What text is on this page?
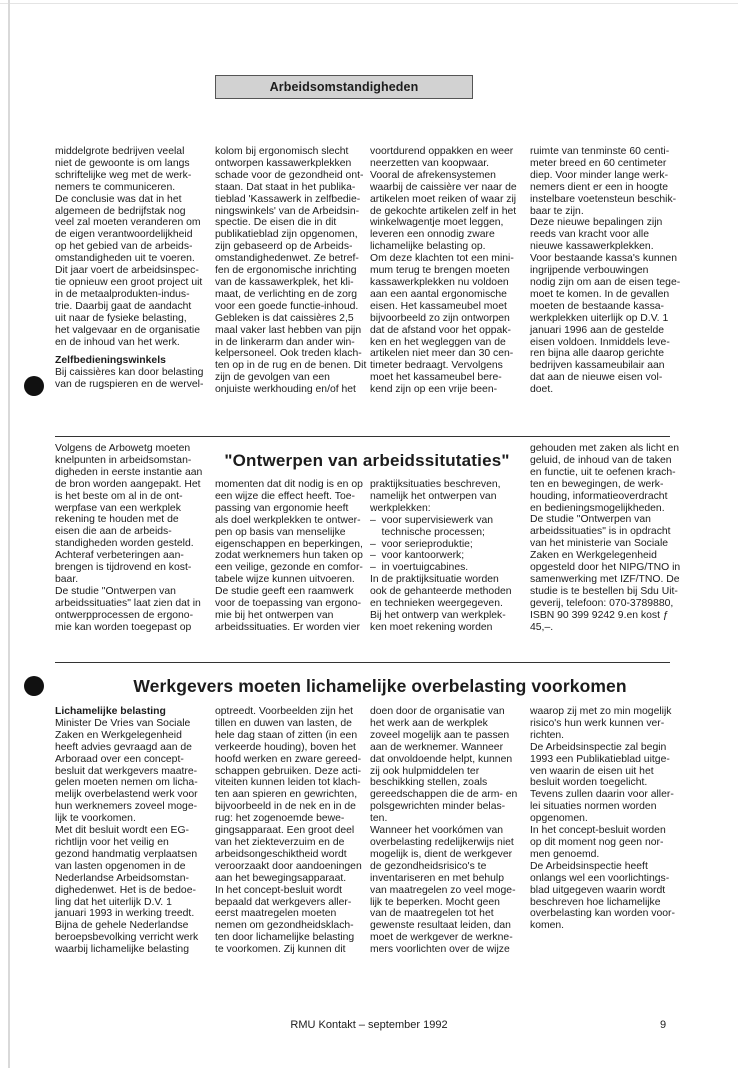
Arbeidsomstandigheden

middelgrote bedrijven veelal

niet de gewoonte is om langs

schriftelijke weg met de werk-

nemers te communiceren.

De conclusie was dat in het

algemeen de bedrijfstak nog

veel zal moeten veranderen om

de eigen verantwoordelijkheid

op het gebied van de arbeids-

omstandigheden uit te voeren.

Dit jaar voert de arbeidsinspec-

tie opnieuw een groot project uit

in de metaalprodukten-indus-

trie. Daarbij gaat de aandacht

uit naar de fysieke belasting,

het valgevaar en de organisatie

en de inhoud van het werk.

Zelfbedieningswinkels

Bij caissières kan door belasting

van de rugspieren en de wervel-

kolom bij ergonomisch slecht

ontworpen kassawerkplekken

schade voor de gezondheid ont-

staan. Dat staat in het publika-

tieblad 'Kassawerk in zelfbedie-

ningswinkels' van de Arbeidsin-

spectie. De eisen die in dit

publikatieblad zijn opgenomen,

zijn gebaseerd op de Arbeids-

omstandighedenwet. Ze betref-

fen de ergonomische inrichting

van de kassawerkplek, het kli-

maat, de verlichting en de zorg

voor een goede functie-inhoud.

Gebleken is dat caissières 2,5

maal vaker last hebben van pijn

in de linkerarm dan ander win-

kelpersoneel. Ook treden klach-

ten op in de rug en de benen. Dit

zijn de gevolgen van een

onjuiste werkhouding en/of het

voortdurend oppakken en weer

neerzetten van koopwaar.

Vooral de afrekensystemen

waarbij de caissière ver naar de

artikelen moet reiken of waar zij

de gekochte artikelen zelf in het

winkelwagentje moet leggen,

leveren een onnodig zware

lichamelijke belasting op.

Om deze klachten tot een mini-

mum terug te brengen moeten

kassawerkplekken nu voldoen

aan een aantal ergonomische

eisen. Het kassameubel moet

bijvoorbeeld zo zijn ontworpen

dat de afstand voor het oppak-

ken en het wegleggen van de

artikelen niet meer dan 30 cen-

timeter bedraagt. Vervolgens

moet het kassameubel bere-

kend zijn op een vrije been-

ruimte van tenminste 60 centi-

meter breed en 60 centimeter

diep. Voor minder lange werk-

nemers dient er een in hoogte

instelbare voetensteun beschik-

baar te zijn.

Deze nieuwe bepalingen zijn

reeds van kracht voor alle

nieuwe kassawerkplekken.

Voor bestaande kassa's kunnen

ingrijpende verbouwingen

nodig zijn om aan de eisen tege-

moet te komen. In de gevallen

moeten de bestaande kassa-

werkplekken uiterlijk op D.V. 1

januari 1996 aan de gestelde

eisen voldoen. Inmiddels leve-

ren bijna alle daarop gerichte

bedrijven kassameubilair aan

dat aan de nieuwe eisen vol-

doet.

"Ontwerpen van arbeidssitutaties"

Volgens de Arbowetg moeten

knelpunten in arbeidsomstan-

digheden in eerste instantie aan

de bron worden aangepakt. Het

is het beste om al in de ont-

werpfase van een werkplek

rekening te houden met de

eisen die aan de arbeids-

standigheden worden gesteld.

Achteraf verbeteringen aan-

brengen is tijdrovend en kost-

baar.

De studie "Ontwerpen van

arbeidssituaties" laat zien dat in

ontwerpprocessen de ergono-

mie kan worden toegepast op

momenten dat dit nodig is en op

een wijze die effect heeft. Toe-

passing van ergonomie heeft

als doel werkplekken te ontwer-

pen op basis van menselijke

eigenschappen en beperkingen,

zodat werknemers hun taken op

een veilige, gezonde en comfor-

tabele wijze kunnen uitvoeren.

De studie geeft een raamwerk

voor de toepassing van ergono-

mie bij het ontwerpen van

arbeidssituaties. Er worden vier

praktijksituaties beschreven,

namelijk het ontwerpen van

werkplekken:

–  voor supervisiewerk van

technische processen;

–  voor serieproduktie;

–  voor kantoorwerk;

–  in voertuigcabines.

In de praktijksituatie worden

ook de gehanteerde methoden

en technieken weergegeven.

Bij het ontwerp van werkplek-

ken moet rekening worden

gehouden met zaken als licht en

geluid, de inhoud van de taken

en functie, uit te oefenen krach-

ten en bewegingen, de werk-

houding, informatieoverdracht

en bedieningsmogelijkheden.

De studie "Ontwerpen van

arbeidssituaties" is in opdracht

van het ministerie van Sociale

Zaken en Werkgelegenheid

opgesteld door het NIPG/TNO in

samenwerking met IZF/TNO. De

studie is te bestellen bij Sdu Uit-

geverij, telefoon: 070-3789880,

ISBN 90 399 9242 9.en kost ƒ

45,–.

Werkgevers moeten lichamelijke overbelasting voorkomen

Lichamelijke belasting

Minister De Vries van Sociale

Zaken en Werkgelegenheid

heeft advies gevraagd aan de

Arboraad over een concept-

besluit dat werkgevers maatre-

gelen moeten nemen om licha-

melijk overbelastend werk voor

hun werknemers zoveel moge-

lijk te voorkomen.

Met dit besluit wordt een EG-

richtlijn voor het veilig en

gezond handmatig verplaatsen

van lasten opgenomen in de

Nederlandse Arbeidsomstan-

dighedenwet. Het is de bedoe-

ling dat het uiterlijk D.V. 1

januari 1993 in werking treedt.

Bijna de gehele Nederlandse

beroepsbevolking verricht werk

waarbij lichamelijke belasting

optreedt. Voorbeelden zijn het

tillen en duwen van lasten, de

hele dag staan of zitten (in een

verkeerde houding), boven het

hoofd werken en zware gereed-

schappen gebruiken. Deze acti-

viteiten kunnen leiden tot klach-

ten aan spieren en gewrichten,

bijvoorbeeld in de nek en in de

rug: het zogenoemde bewe-

gingsapparaat. Een groot deel

van het ziekteverzuim en de

arbeidsongeschiktheid wordt

veroorzaakt door aandoeningen

aan het bewegingsapparaat.

In het concept-besluit wordt

bepaald dat werkgevers aller-

eerst maatregelen moeten

nemen om gezondheidsklach-

ten door lichamelijke belasting

te voorkomen. Zij kunnen dit

doen door de organisatie van

het werk aan de werkplek

zoveel mogelijk aan te passen

aan de werknemer. Wanneer

dat onvoldoende helpt, kunnen

zij ook hulpmiddelen ter

beschikking stellen, zoals

gereedschappen die de arm- en

polsgewrichten minder belas-

ten.

Wanneer het voorkómen van

overbelasting redelijkerwijs niet

mogelijk is, dient de werkgever

de gezondheidsrisico's te

inventariseren en met behulp

van maatregelen zo veel moge-

lijk te beperken. Mocht geen

van de maatregelen tot het

gewenste resultaat leiden, dan

moet de werkgever de werkne-

mers voorlichten over de wijze

waarop zij met zo min mogelijk

risico's hun werk kunnen ver-

richten.

De Arbeidsinspectie zal begin

1993 een Publikatieblad uitge-

ven waarin de eisen uit het

besluit worden toegelicht.

Tevens zullen daarin voor aller-

lei situaties normen worden

opgenomen.

In het concept-besluit worden

op dit moment nog geen nor-

men genoemd.

De Arbeidsinspectie heeft

onlangs wel een voorlichtings-

blad uitgegeven waarin wordt

beschreven hoe lichamelijke

overbelasting kan worden voor-

komen.

RMU Kontakt – september 1992	9
